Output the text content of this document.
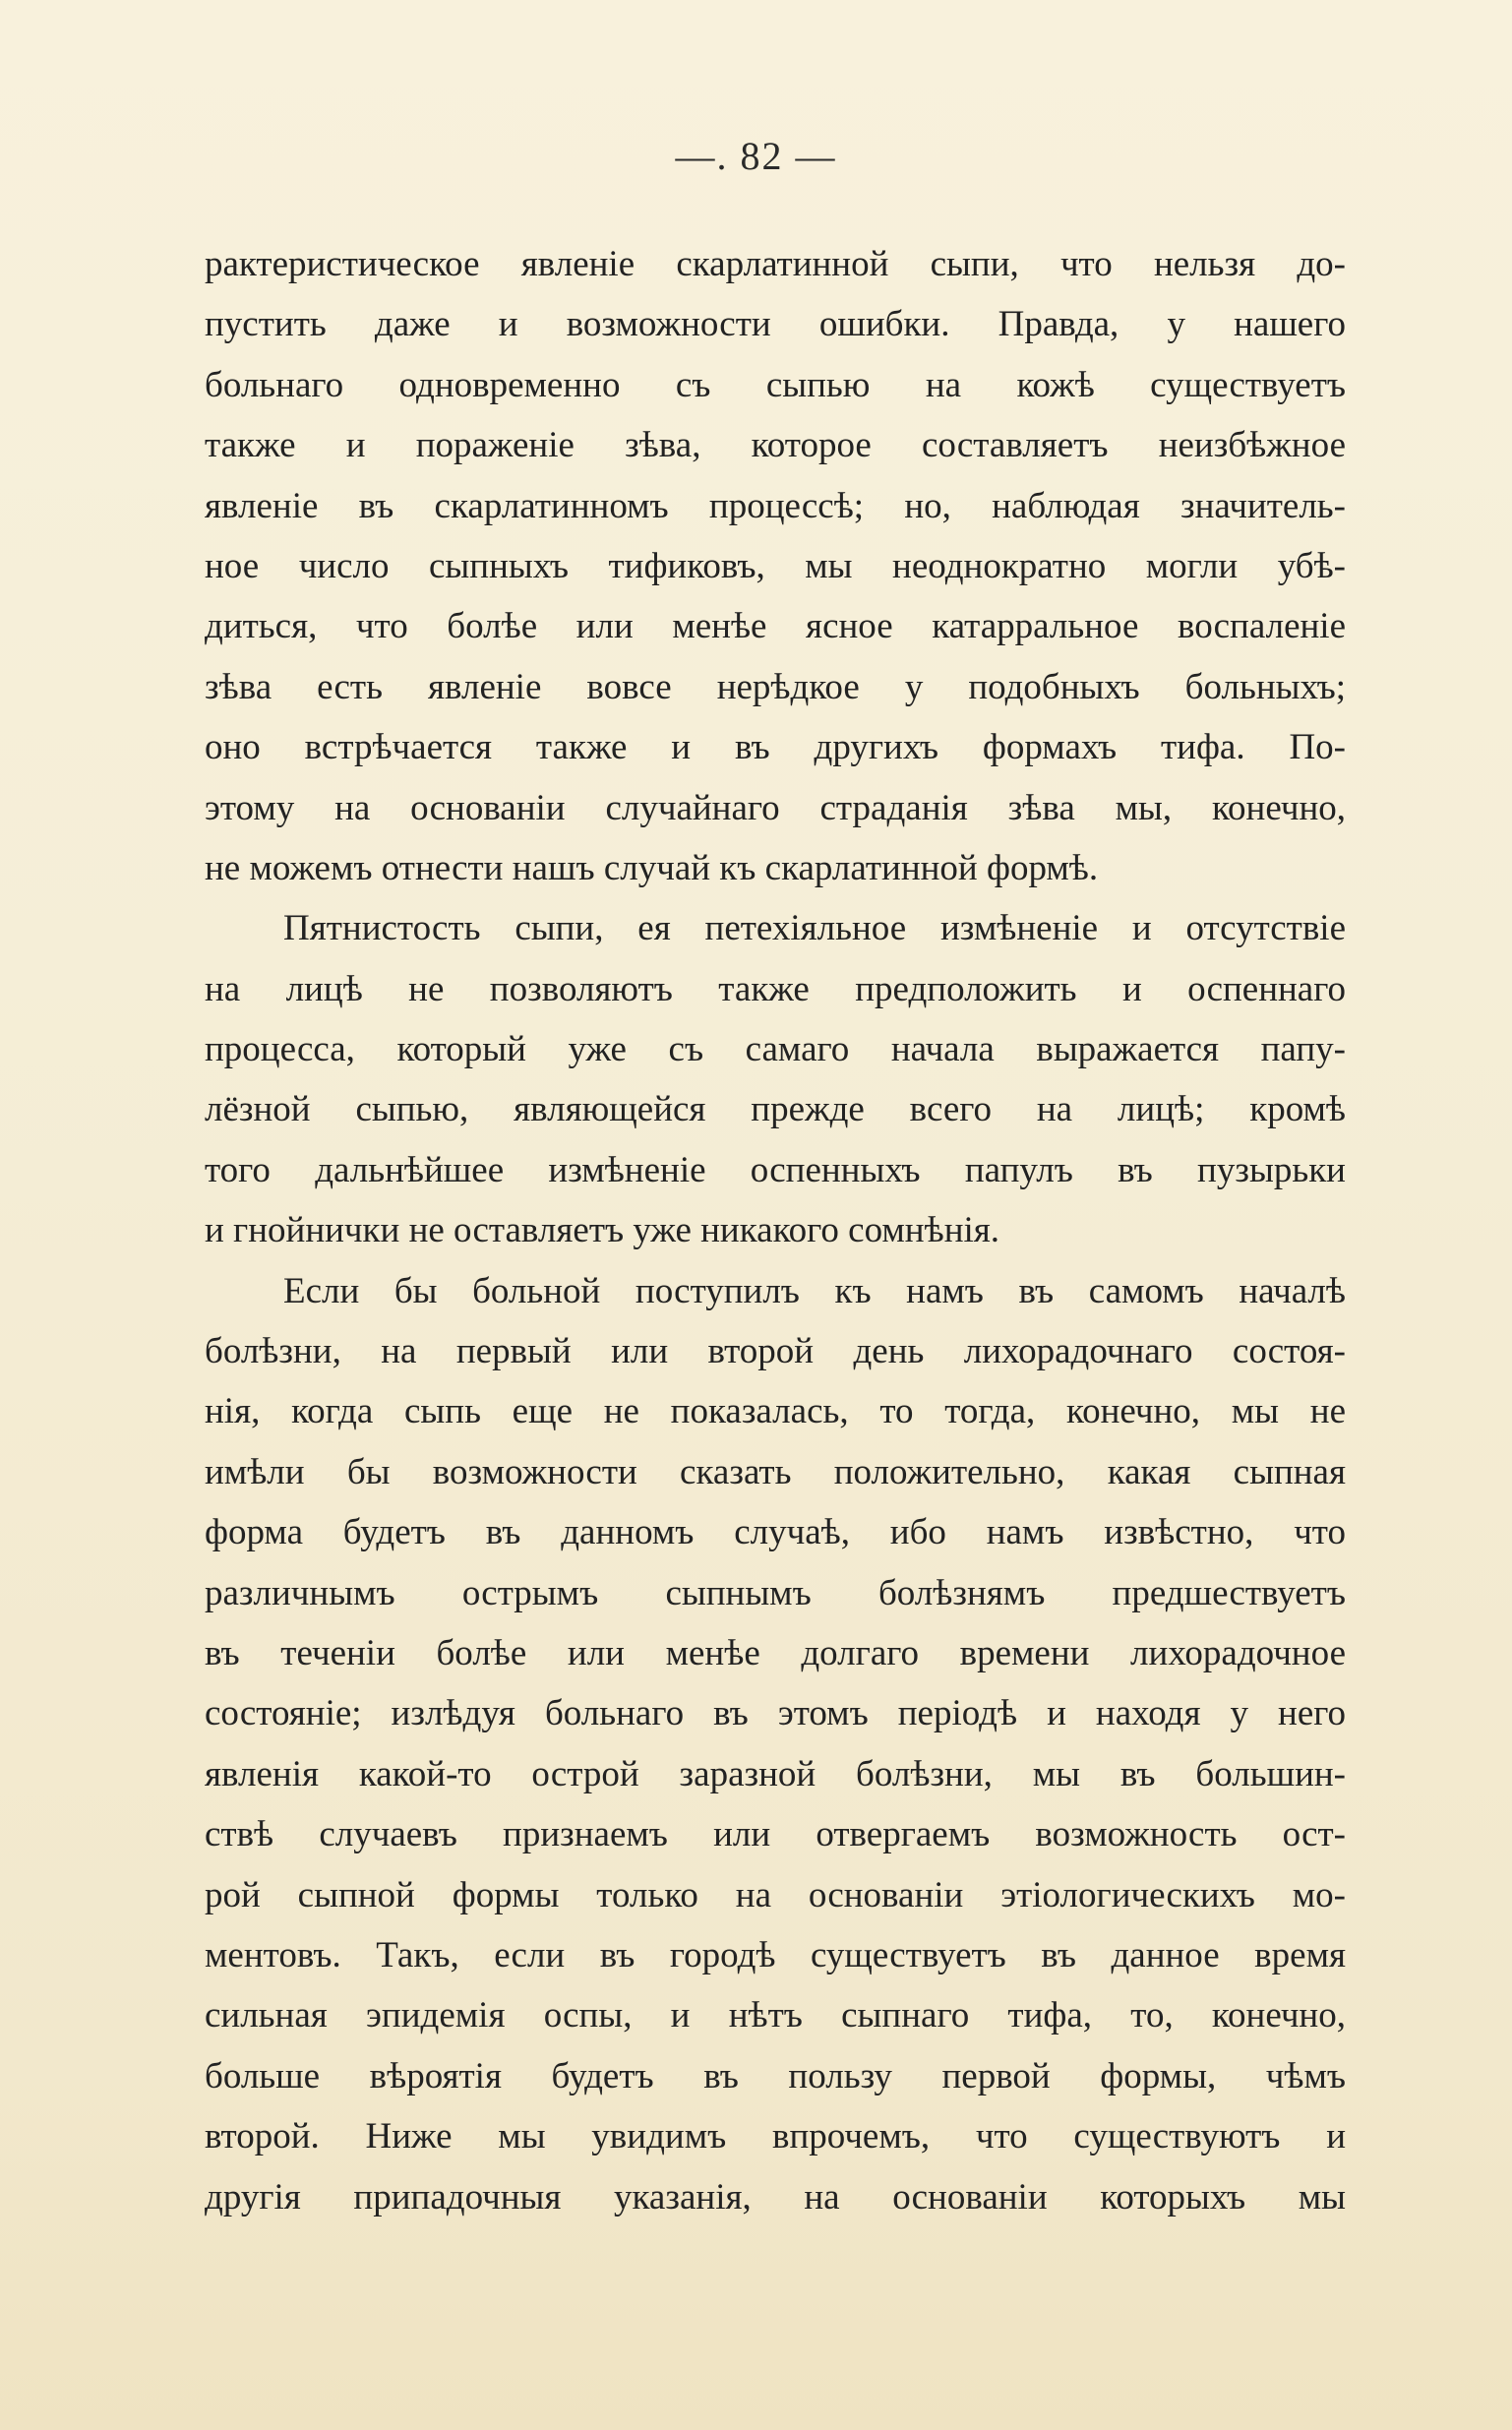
—. 82 —
рактеристическое явленіе скарлатинной сыпи, что нельзя до-
пустить даже и возможности ошибки. Правда, у нашего
больнаго одновременно съ сыпью на кожѣ существуетъ
также и пораженіе зѣва, которое составляетъ неизбѣжное
явленіе въ скарлатинномъ процессѣ; но, наблюдая значитель-
ное число сыпныхъ тификовъ, мы неоднократно могли убѣ-
диться, что болѣе или менѣе ясное катарральное воспаленіе
зѣва есть явленіе вовсе нерѣдкое у подобныхъ больныхъ;
оно встрѣчается также и въ другихъ формахъ тифа. По-
этому на основаніи случайнаго страданія зѣва мы, конечно,
не можемъ отнести нашъ случай къ скарлатинной формѣ.
Пятнистость сыпи, ея петехіяльное измѣненіе и отсутствіе
на лицѣ не позволяютъ также предположить и оспеннаго
процесса, который уже съ самаго начала выражается папу-
лёзной сыпью, являющейся прежде всего на лицѣ; кромѣ
того дальнѣйшее измѣненіе оспенныхъ папулъ въ пузырьки
и гнойнички не оставляетъ уже никакого сомнѣнія.
Если бы больной поступилъ къ намъ въ самомъ началѣ
болѣзни, на первый или второй день лихорадочнаго состоя-
нія, когда сыпь еще не показалась, то тогда, конечно, мы не
имѣли бы возможности сказать положительно, какая сыпная
форма будетъ въ данномъ случаѣ, ибо намъ извѣстно, что
различнымъ острымъ сыпнымъ болѣзнямъ предшествуетъ
въ теченіи болѣе или менѣе долгаго времени лихорадочное
состояніе; излѣдуя больнаго въ этомъ періодѣ и находя у него
явленія какой-то острой заразной болѣзни, мы въ большин-
ствѣ случаевъ признаемъ или отвергаемъ возможность ост-
рой сыпной формы только на основаніи этіологическихъ мо-
ментовъ. Такъ, если въ городѣ существуетъ въ данное время
сильная эпидемія оспы, и нѣтъ сыпнаго тифа, то, конечно,
больше вѣроятія будетъ въ пользу первой формы, чѣмъ
второй. Ниже мы увидимъ впрочемъ, что существуютъ и
другія припадочныя указанія, на основаніи которыхъ мы
